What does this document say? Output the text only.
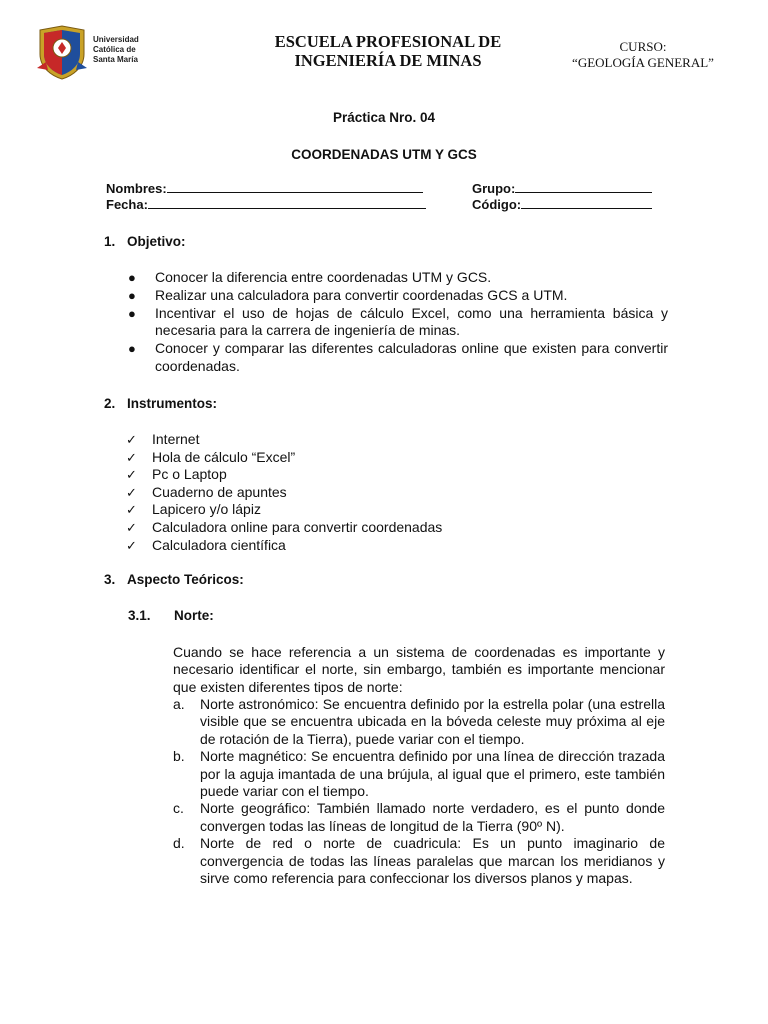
Universidad
Católica de
Santa María
ESCUELA PROFESIONAL DE
INGENIERÍA DE MINAS
CURSO:
“GEOLOGÍA GENERAL”
Práctica Nro. 04
COORDENADAS UTM Y GCS
Nombres:
Fecha:
Grupo:
Código:
1. Objetivo:
● Conocer la diferencia entre coordenadas UTM y GCS.
● Realizar una calculadora para convertir coordenadas GCS a UTM.
● Incentivar el uso de hojas de cálculo Excel, como una herramienta básica y necesaria para la carrera de ingeniería de minas.
● Conocer y comparar las diferentes calculadoras online que existen para convertir coordenadas.
2. Instrumentos:
✓ Internet
✓ Hola de cálculo “Excel”
✓ Pc o Laptop
✓ Cuaderno de apuntes
✓ Lapicero y/o lápiz
✓ Calculadora online para convertir coordenadas
✓ Calculadora científica
3. Aspecto Teóricos:
3.1. Norte:
Cuando se hace referencia a un sistema de coordenadas es importante y necesario identificar el norte, sin embargo, también es importante mencionar que existen diferentes tipos de norte:
a. Norte astronómico: Se encuentra definido por la estrella polar (una estrella visible que se encuentra ubicada en la bóveda celeste muy próxima al eje de rotación de la Tierra), puede variar con el tiempo.
b. Norte magnético: Se encuentra definido por una línea de dirección trazada por la aguja imantada de una brújula, al igual que el primero, este también puede variar con el tiempo.
c. Norte geográfico: También llamado norte verdadero, es el punto donde convergen todas las líneas de longitud de la Tierra (90º N).
d. Norte de red o norte de cuadricula: Es un punto imaginario de convergencia de todas las líneas paralelas que marcan los meridianos y sirve como referencia para confeccionar los diversos planos y mapas.
